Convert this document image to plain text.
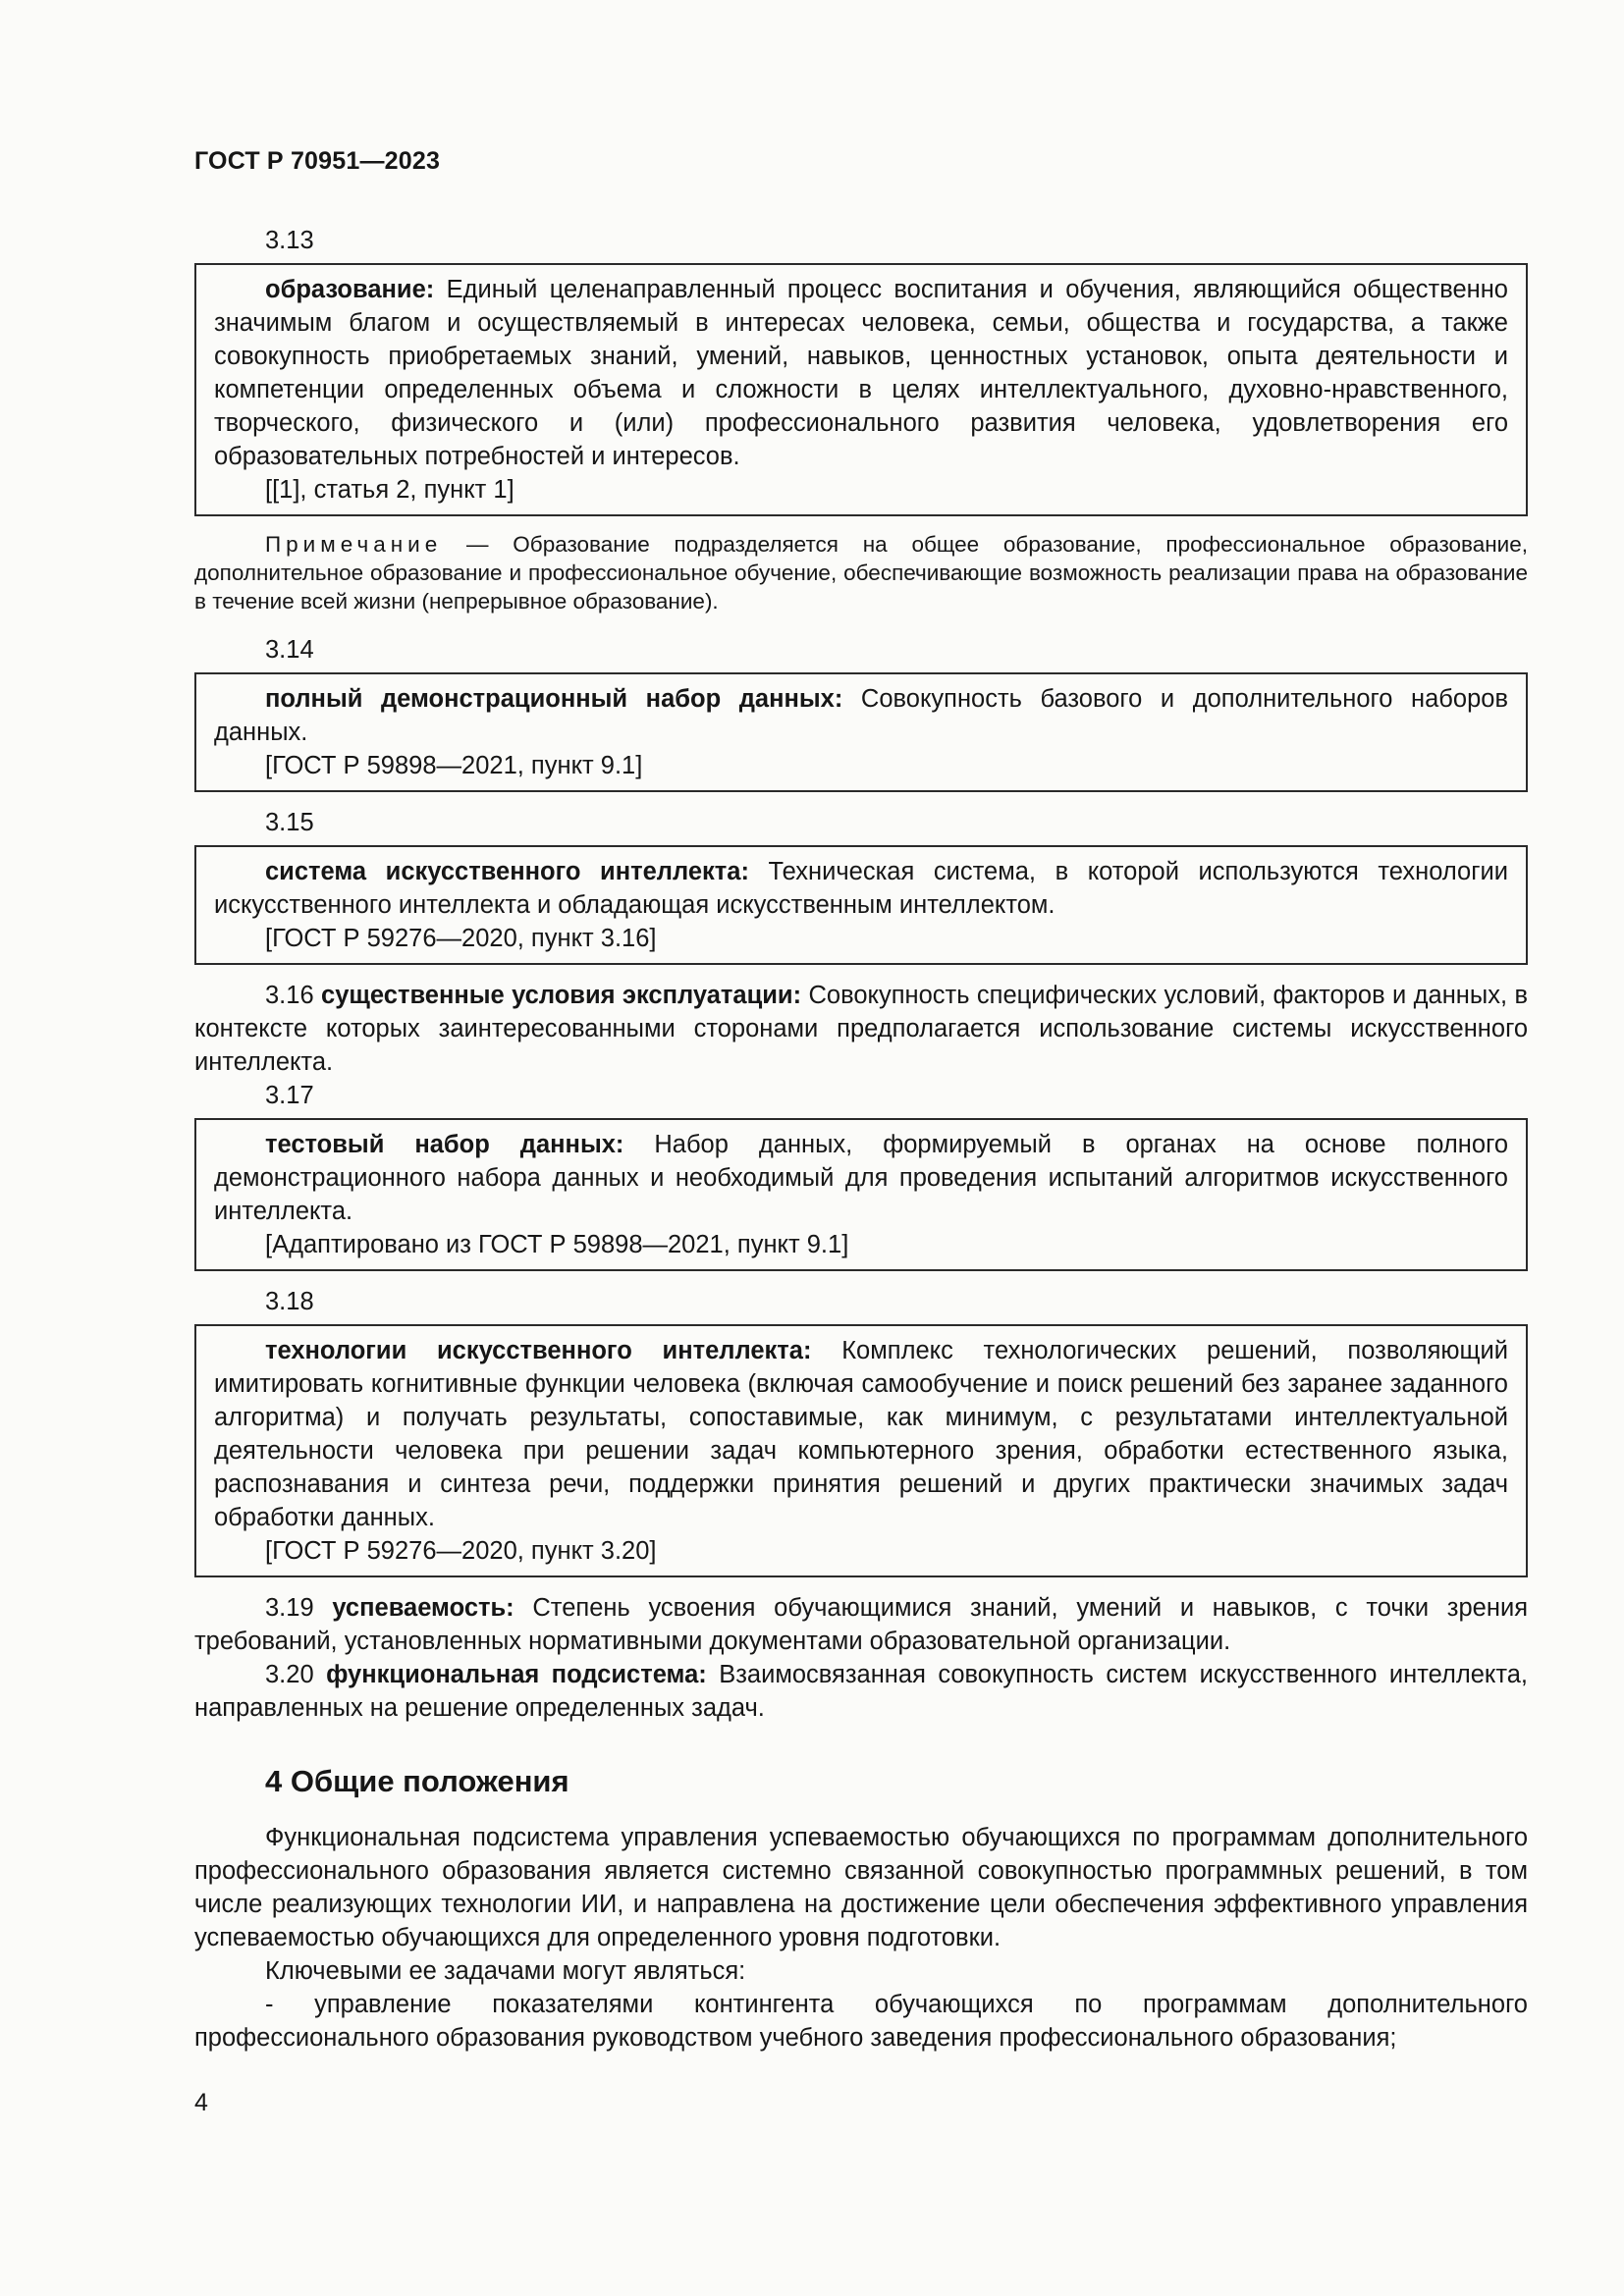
ГОСТ Р 70951—2023
3.13

образование: Единый целенаправленный процесс воспитания и обучения, являющийся общественно значимым благом и осуществляемый в интересах человека, семьи, общества и государства, а также совокупность приобретаемых знаний, умений, навыков, ценностных установок, опыта деятельности и компетенции определенных объема и сложности в целях интеллектуального, духовно-нравственного, творческого, физического и (или) профессионального развития человека, удовлетворения его образовательных потребностей и интересов.

[[1], статья 2, пункт 1]
Примечание — Образование подразделяется на общее образование, профессиональное образование, дополнительное образование и профессиональное обучение, обеспечивающие возможность реализации права на образование в течение всей жизни (непрерывное образование).
3.14

полный демонстрационный набор данных: Совокупность базового и дополнительного наборов данных.

[ГОСТ Р 59898—2021, пункт 9.1]
3.15

система искусственного интеллекта: Техническая система, в которой используются технологии искусственного интеллекта и обладающая искусственным интеллектом.

[ГОСТ Р 59276—2020, пункт 3.16]

3.16 существенные условия эксплуатации: Совокупность специфических условий, факторов и данных, в контексте которых заинтересованными сторонами предполагается использование системы искусственного интеллекта.

3.17

тестовый набор данных: Набор данных, формируемый в органах на основе полного демонстрационного набора данных и необходимый для проведения испытаний алгоритмов искусственного интеллекта.

[Адаптировано из ГОСТ Р 59898—2021, пункт 9.1]
3.18

технологии искусственного интеллекта: Комплекс технологических решений, позволяющий имитировать когнитивные функции человека (включая самообучение и поиск решений без заранее заданного алгоритма) и получать результаты, сопоставимые, как минимум, с результатами интеллектуальной деятельности человека при решении задач компьютерного зрения, обработки естественного языка, распознавания и синтеза речи, поддержки принятия решений и других практически значимых задач обработки данных.

[ГОСТ Р 59276—2020, пункт 3.20]

3.19 успеваемость: Степень усвоения обучающимися знаний, умений и навыков, с точки зрения требований, установленных нормативными документами образовательной организации.

3.20 функциональная подсистема: Взаимосвязанная совокупность систем искусственного интеллекта, направленных на решение определенных задач.

4 Общие положения

Функциональная подсистема управления успеваемостью обучающихся по программам дополнительного профессионального образования является системно связанной совокупностью программных решений, в том числе реализующих технологии ИИ, и направлена на достижение цели обеспечения эффективного управления успеваемостью обучающихся для определенного уровня подготовки.

Ключевыми ее задачами могут являться:

- управление показателями контингента обучающихся по программам дополнительного профессионального образования руководством учебного заведения профессионального образования;

4
